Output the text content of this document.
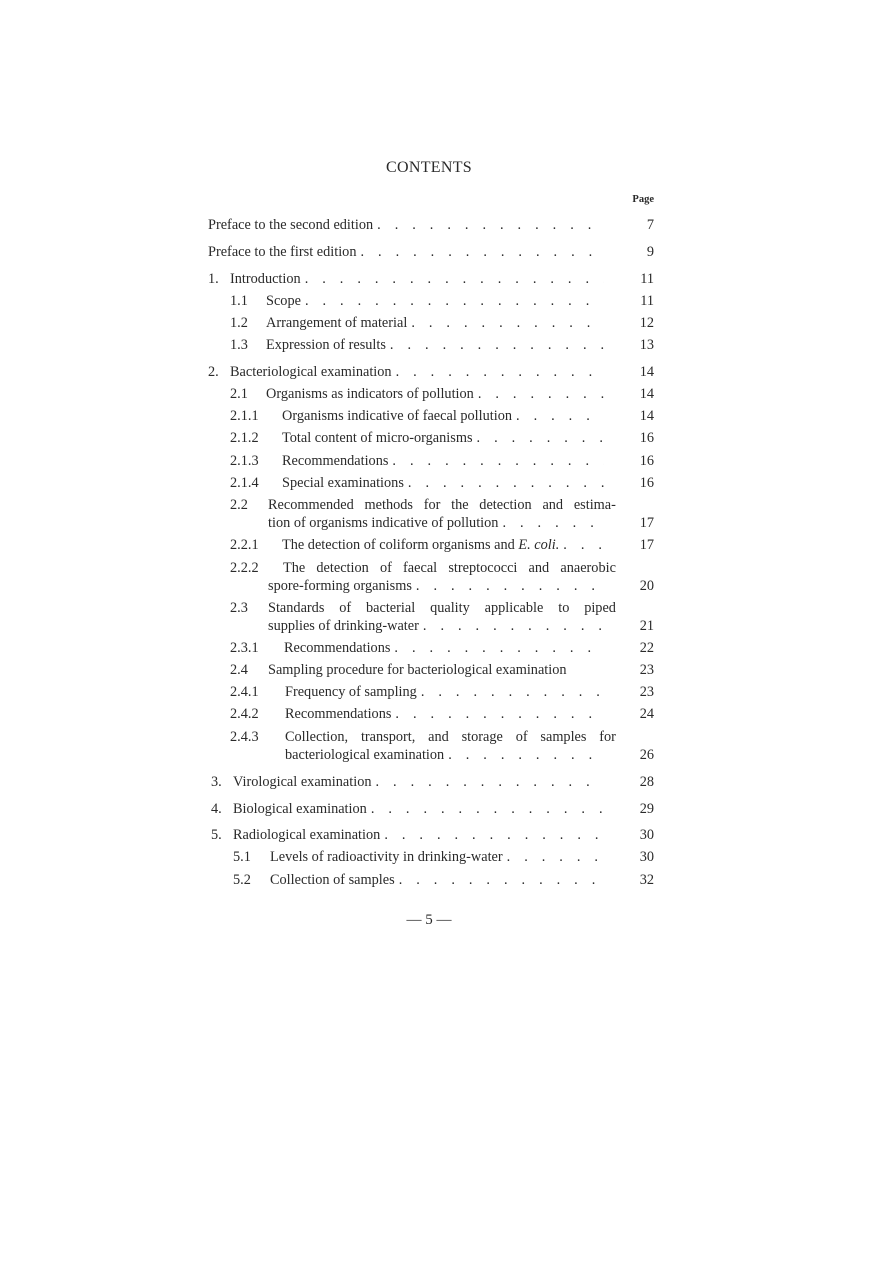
CONTENTS
Page
Preface to the second edition . . .	7
Preface to the first edition . . .	9
1. Introduction . . .	11
1.1	Scope . . .	11
1.2	Arrangement of material . . .	12
1.3	Expression of results . . .	13
2. Bacteriological examination . . .	14
2.1	Organisms as indicators of pollution . . .	14
2.1.1	Organisms indicative of faecal pollution . . .	14
2.1.2	Total content of micro-organisms . . .	16
2.1.3	Recommendations . . .	16
2.1.4	Special examinations . . .	16
2.2 Recommended methods for the detection and estima-
tion of organisms indicative of pollution . . .	17
2.2.1	The detection of coliform organisms and
E. coli. . . .	17
2.2.2 The detection of faecal streptococci and anaerobic
spore-forming organisms . . .	20
2.3 Standards of bacterial quality applicable to piped
supplies of drinking-water . . .	21
2.3.1	Recommendations . . .	22
2.4	Sampling procedure for bacteriological examination	23
2.4.1	Frequency of sampling . . .	23
2.4.2	Recommendations . . .	24
2.4.3 Collection, transport, and storage of samples for
bacteriological examination . . .	26
3. Virological examination . . .	28
4. Biological examination . . .	29
5. Radiological examination . . .	30
5.1	Levels of radioactivity in drinking-water . . .	30
5.2	Collection of samples . . .	32
— 5 —
